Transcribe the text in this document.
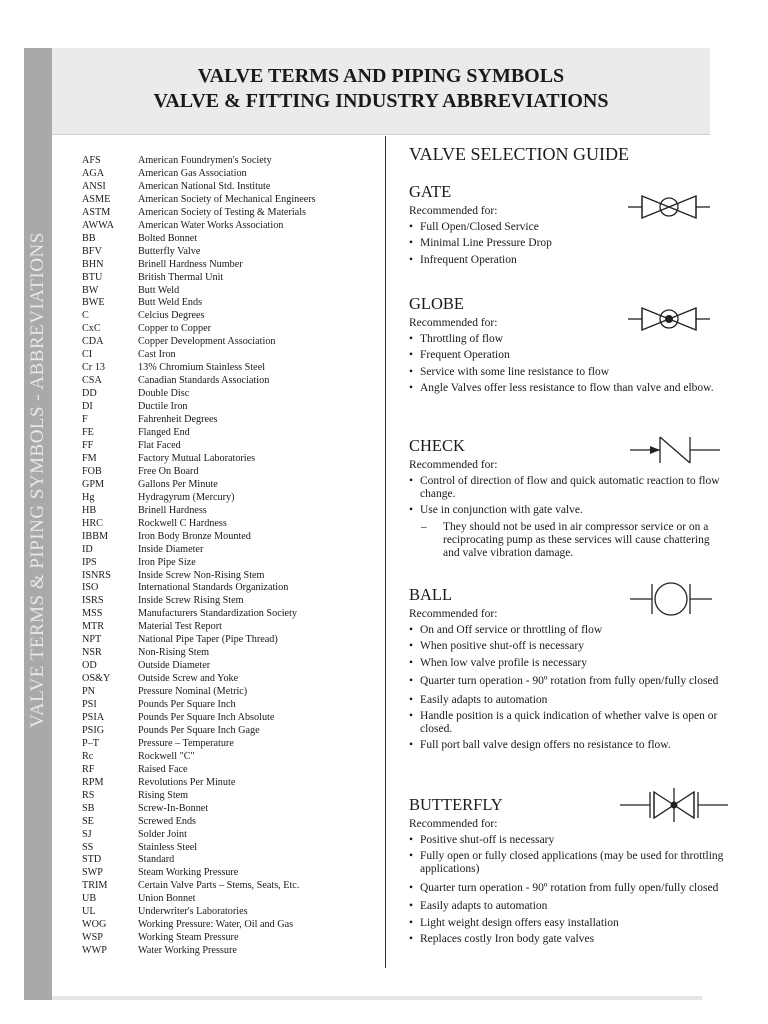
VALVE TERMS & PIPING SYMBOLS - ABBREVIATIONS
VALVE TERMS AND PIPING SYMBOLS
VALVE & FITTING INDUSTRY ABBREVIATIONS
AFS	American Foundrymen's Society
AGA	American Gas Association
ANSI	American National Std. Institute
ASME	American Society of Mechanical Engineers
ASTM	American Society of Testing & Materials
AWWA	American Water Works Association
BB	Bolted Bonnet
BFV	Butterfly Valve
BHN	Brinell Hardness Number
BTU	British Thermal Unit
BW	Butt Weld
BWE	Butt Weld Ends
C	Celcius Degrees
CxC	Copper to Copper
CDA	Copper Development Association
CI	Cast Iron
Cr 13	13% Chromium Stainless Steel
CSA	Canadian Standards Association
DD	Double Disc
DI	Ductile Iron
F	Fahrenheit Degrees
FE	Flanged End
FF	Flat Faced
FM	Factory Mutual Laboratories
FOB	Free On Board
GPM	Gallons Per Minute
Hg	Hydragyrum (Mercury)
HB	Brinell Hardness
HRC	Rockwell C Hardness
IBBM	Iron Body Bronze Mounted
ID	Inside Diameter
IPS	Iron Pipe Size
ISNRS	Inside Screw Non-Rising Stem
ISO	International Standards Organization
ISRS	Inside Screw Rising Stem
MSS	Manufacturers Standardization Society
MTR	Material Test Report
NPT	National Pipe Taper (Pipe Thread)
NSR	Non-Rising Stem
OD	Outside Diameter
OS&Y	Outside Screw and Yoke
PN	Pressure Nominal (Metric)
PSI	Pounds Per Square Inch
PSIA	Pounds Per Square Inch Absolute
PSIG	Pounds Per Square Inch Gage
P–T	Pressure – Temperature
Rc	Rockwell "C"
RF	Raised Face
RPM	Revolutions Per Minute
RS	Rising Stem
SB	Screw-In-Bonnet
SE	Screwed Ends
SJ	Solder Joint
SS	Stainless Steel
STD	Standard
SWP	Steam Working Pressure
TRIM	Certain Valve Parts – Stems, Seats, Etc.
UB	Union Bonnet
UL	Underwriter's Laboratories
WOG	Working Pressure: Water, Oil and Gas
WSP	Working Steam Pressure
WWP	Water Working Pressure
VALVE SELECTION GUIDE
GATE
Recommended for:
• Full Open/Closed Service
• Minimal Line Pressure Drop
• Infrequent Operation
GLOBE
Recommended for:
• Throttling of flow
• Frequent Operation
• Service with some line resistance to flow
• Angle Valves offer less resistance to flow than valve and elbow.
CHECK
Recommended for:
• Control of direction of flow and quick automatic reaction to flow change.
• Use in conjunction with gate valve.
– They should not be used in air compressor service or on a reciprocating pump as these services will cause chattering and valve vibration damage.
BALL
Recommended for:
• On and Off service or throttling of flow
• When positive shut-off is necessary
• When low valve profile is necessary
• Quarter turn operation - 90º rotation from fully open/fully closed
• Easily adapts to automation
• Handle position is a quick indication of whether valve is open or closed.
• Full port ball valve design offers no resistance to flow.
BUTTERFLY
Recommended for:
• Positive shut-off is necessary
• Fully open or fully closed applications (may be used for throttling applications)
• Quarter turn operation - 90º rotation from fully open/fully closed
• Easily adapts to automation
• Light weight design offers easy installation
• Replaces costly Iron body gate valves
